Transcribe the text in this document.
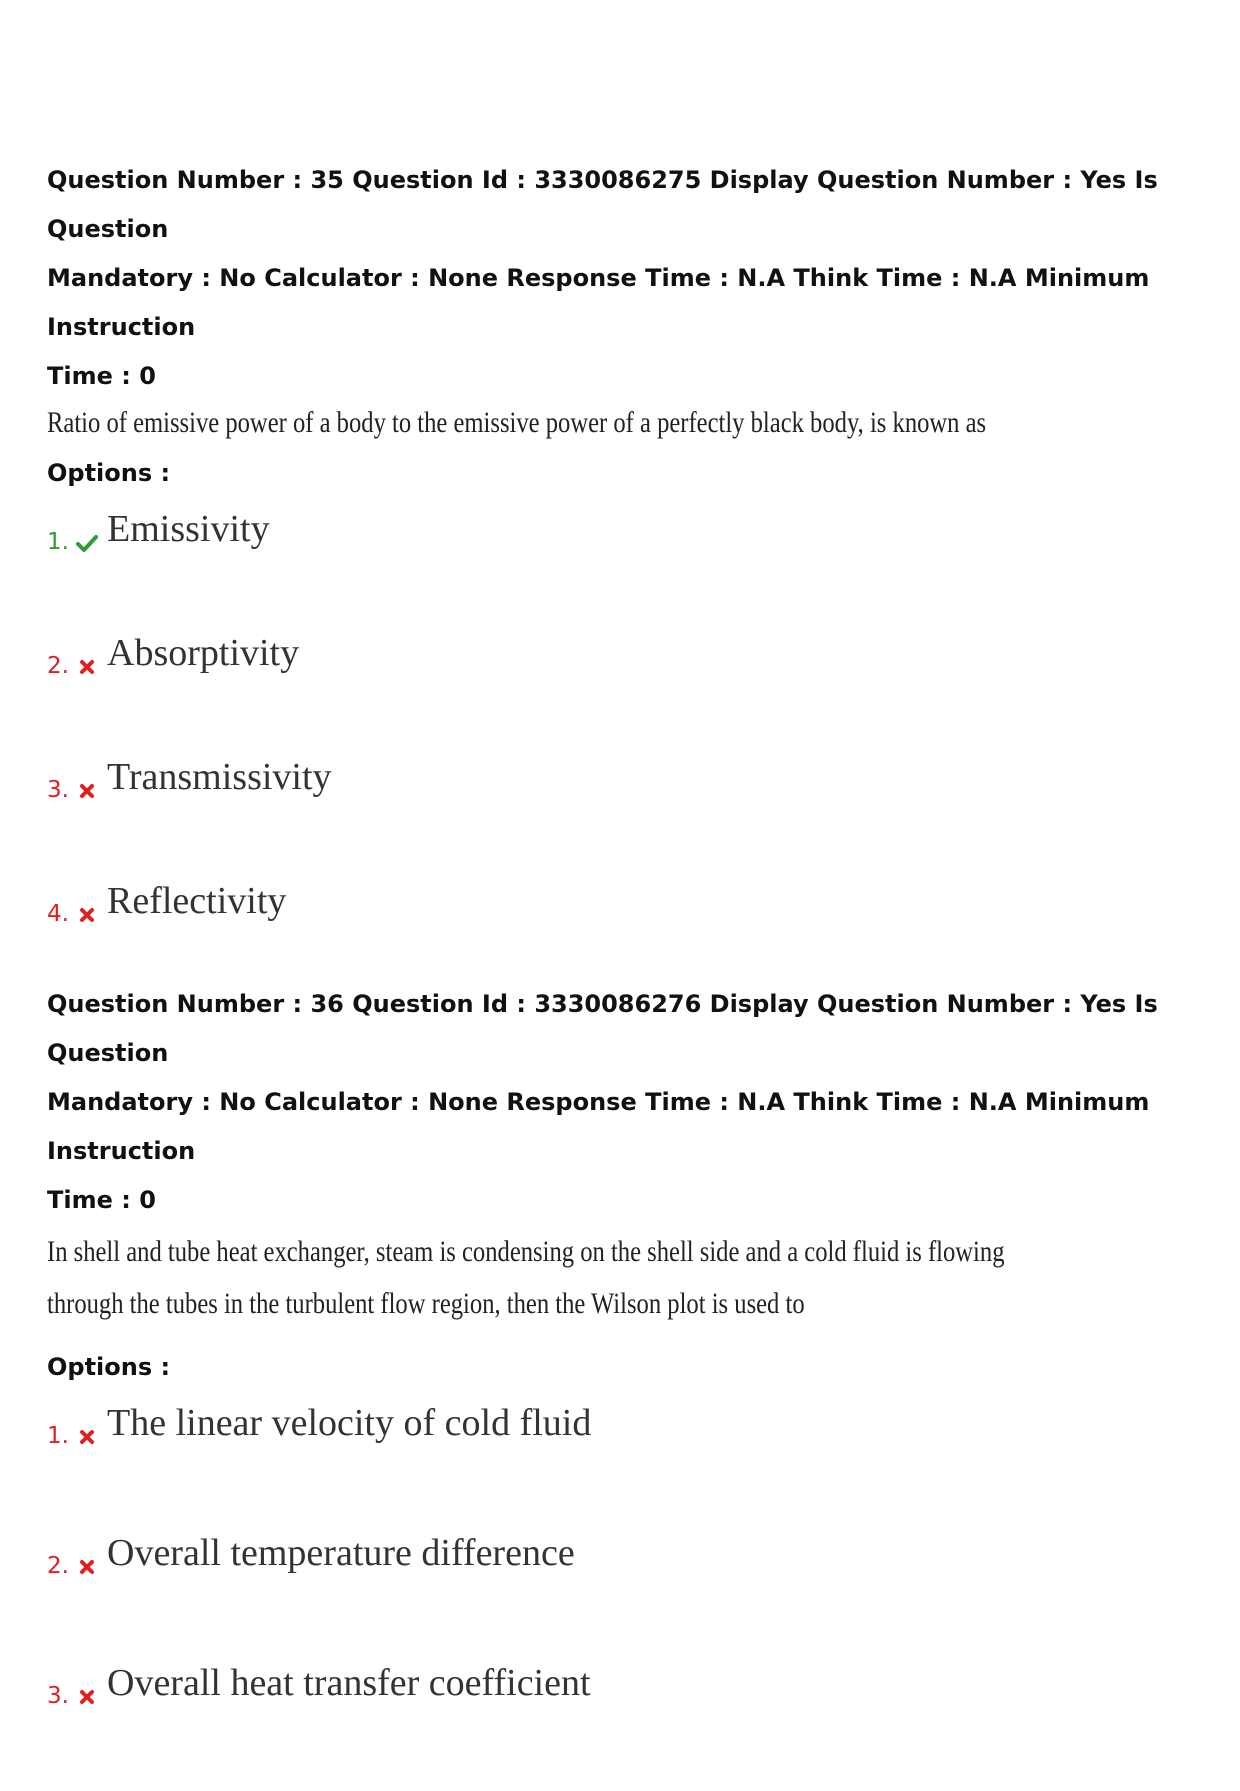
Question Number : 35 Question Id : 3330086275 Display Question Number : Yes Is Question

Mandatory : No Calculator : None Response Time : N.A Think Time : N.A Minimum Instruction

Time : 0

Ratio of emissive power of a body to the emissive power of a perfectly black body, is known as

Options :

1. Emissivity
2. Absorptivity
3. Transmissivity
4. Reflectivity

Question Number : 36 Question Id : 3330086276 Display Question Number : Yes Is Question

Mandatory : No Calculator : None Response Time : N.A Think Time : N.A Minimum Instruction

Time : 0

In shell and tube heat exchanger, steam is condensing on the shell side and a cold fluid is flowing

through the tubes in the turbulent flow region, then the Wilson plot is used to

Options :

1. The linear velocity of cold fluid
2. Overall temperature difference
3. Overall heat transfer coefficient
